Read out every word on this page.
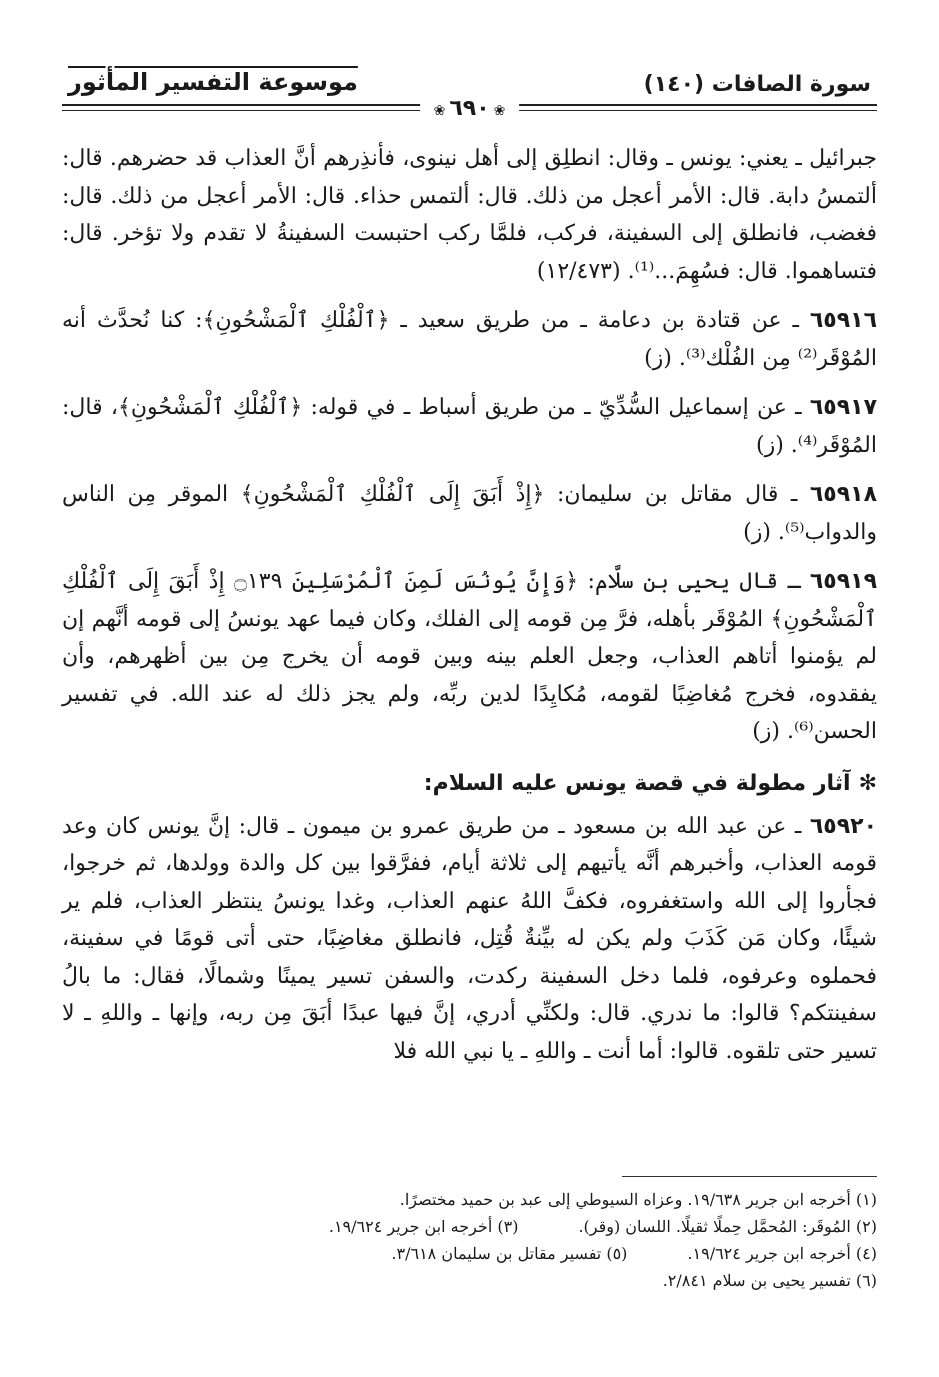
سورة الصافات (١٤٠)
موسوعة التفسير المأثور
❀٦٩٠❀

جبرائيل ـ يعني: يونس ـ وقال: انطلِق إلى أهل نينوى، فأنذِرهم أنَّ العذاب قد حضرهم. قال: ألتمسُ دابة. قال: الأمر أعجل من ذلك. قال: ألتمس حذاء. قال: الأمر أعجل من ذلك. قال: فغضب، فانطلق إلى السفينة، فركب، فلمَّا ركب احتبست السفينةُ لا تقدم ولا تؤخر. قال: فتساهموا. قال: فسُهِمَ...⁽¹⁾. (١٢/٤٧٣)

٦٥٩١٦ ـ عن قتادة بن دعامة ـ من طريق سعيد ـ ﴿ٱلْفُلْكِ ٱلْمَشْحُونِ﴾: كنا نُحدَّث أنه المُوْقَر⁽²⁾ مِن الفُلْك⁽³⁾. (ز)

٦٥٩١٧ ـ عن إسماعيل السُّدِّيّ ـ من طريق أسباط ـ في قوله: ﴿ٱلْفُلْكِ ٱلْمَشْحُونِ﴾، قال: المُوْقَر⁽⁴⁾. (ز)

٦٥٩١٨ ـ قال مقاتل بن سليمان: ﴿إِذْ أَبَقَ إِلَى ٱلْفُلْكِ ٱلْمَشْحُونِ﴾ الموقر مِن الناس والدواب⁽⁵⁾. (ز)

٦٥٩١٩ ـ قال يحيى بن سلَّام: ﴿وَإِنَّ يُونُسَ لَمِنَ ٱلْمُرْسَلِينَ ۝١٣٩ إِذْ أَبَقَ إِلَى ٱلْفُلْكِ ٱلْمَشْحُونِ﴾ المُوْقَر بأهله، فرَّ مِن قومه إلى الفلك، وكان فيما عهد يونسُ إلى قومه أنَّهم إن لم يؤمنوا أتاهم العذاب، وجعل العلم بينه وبين قومه أن يخرج مِن بين أظهرهم، وأن يفقدوه، فخرج مُغاضِبًا لقومه، مُكايِدًا لدين ربِّه، ولم يجز ذلك له عند الله. في تفسير الحسن⁽⁶⁾. (ز)

✻آثار مطولة في قصة يونس عليه السلام:

٦٥٩٢٠ ـ عن عبد الله بن مسعود ـ من طريق عمرو بن ميمون ـ قال: إنَّ يونس كان وعد قومه العذاب، وأخبرهم أنَّه يأتيهم إلى ثلاثة أيام، ففرَّقوا بين كل والدة وولدها، ثم خرجوا، فجأروا إلى الله واستغفروه، فكفَّ اللهُ عنهم العذاب، وغدا يونسُ ينتظر العذاب، فلم ير شيئًا، وكان مَن كَذَبَ ولم يكن له بيِّنةٌ قُتِل، فانطلق مغاضِبًا، حتى أتى قومًا في سفينة، فحملوه وعرفوه، فلما دخل السفينة ركدت، والسفن تسير يمينًا وشمالًا، فقال: ما بالُ سفينتكم؟ قالوا: ما ندري. قال: ولكنِّي أدري، إنَّ فيها عبدًا أبَقَ مِن ربه، وإنها ـ واللهِ ـ لا تسير حتى تلقوه. قالوا: أما أنت ـ واللهِ ـ يا نبي الله فلا

(١) أخرجه ابن جرير ١٩/٦٣٨. وعزاه السيوطي إلى عبد بن حميد مختصرًا.
(٢) المُوقَر: المُحمَّل حِملًا ثقيلًا. اللسان (وقر).
(٣) أخرجه ابن جرير ١٩/٦٢٤.
(٤) أخرجه ابن جرير ١٩/٦٢٤.
(٥) تفسير مقاتل بن سليمان ٣/٦١٨.
(٦) تفسير يحيى بن سلام ٢/٨٤١.
